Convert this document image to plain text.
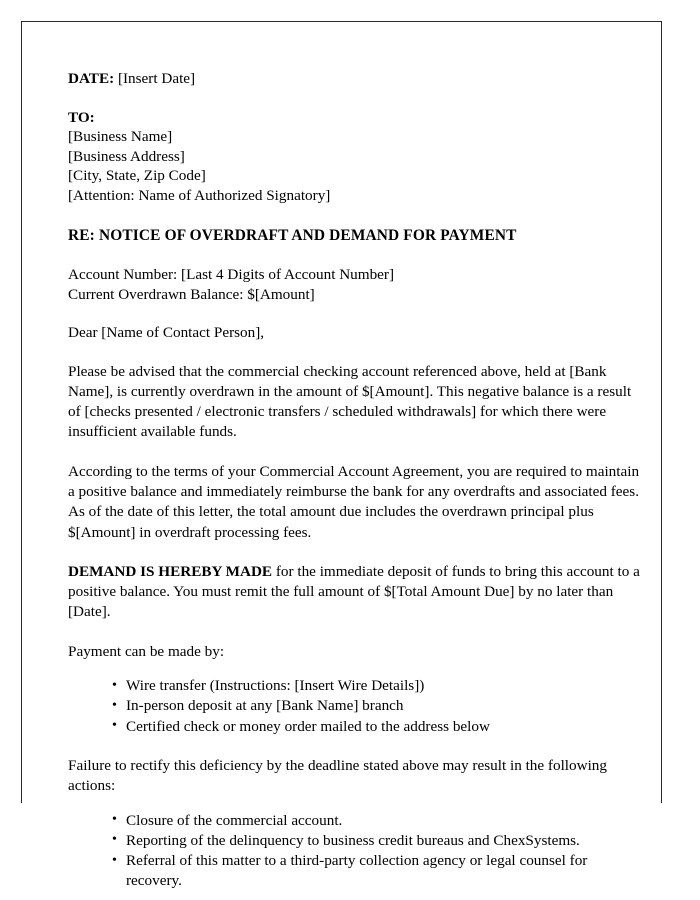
DATE: [Insert Date]
TO:
[Business Name]
[Business Address]
[City, State, Zip Code]
[Attention: Name of Authorized Signatory]
RE: NOTICE OF OVERDRAFT AND DEMAND FOR PAYMENT
Account Number: [Last 4 Digits of Account Number]
Current Overdrawn Balance: $[Amount]
Dear [Name of Contact Person],

Please be advised that the commercial checking account referenced above, held at [Bank Name], is currently overdrawn in the amount of $[Amount]. This negative balance is a result of [checks presented / electronic transfers / scheduled withdrawals] for which there were insufficient available funds.

According to the terms of your Commercial Account Agreement, you are required to maintain a positive balance and immediately reimburse the bank for any overdrafts and associated fees. As of the date of this letter, the total amount due includes the overdrawn principal plus $[Amount] in overdraft processing fees.

DEMAND IS HEREBY MADE for the immediate deposit of funds to bring this account to a positive balance. You must remit the full amount of $[Total Amount Due] by no later than [Date].

Payment can be made by:

• Wire transfer (Instructions: [Insert Wire Details])
• In-person deposit at any [Bank Name] branch
• Certified check or money order mailed to the address below

Failure to rectify this deficiency by the deadline stated above may result in the following actions:

• Closure of the commercial account.
• Reporting of the delinquency to business credit bureaus and ChexSystems.
• Referral of this matter to a third-party collection agency or legal counsel for recovery.
